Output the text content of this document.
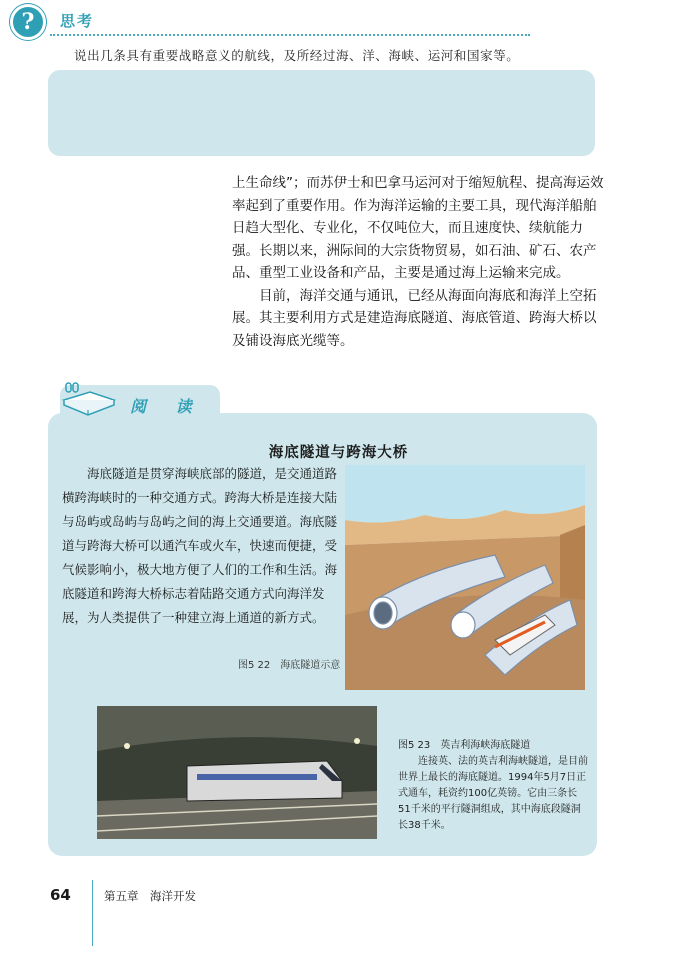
? 思考
说出几条具有重要战略意义的航线，及所经过海、洋、海峡、运河和国家等。

上生命线”；而苏伊士和巴拿马运河对于缩短航程、提高海运效率起到了重要作用。作为海洋运输的主要工具，现代海洋船舶日趋大型化、专业化，不仅吨位大，而且速度快、续航能力强。长期以来，洲际间的大宗货物贸易，如石油、矿石、农产品、重型工业设备和产品，主要是通过海上运输来完成。

目前，海洋交通与通讯，已经从海面向海底和海洋上空拓展。其主要利用方式是建造海底隧道、海底管道、跨海大桥以及铺设海底光缆等。

阅 读
海底隧道与跨海大桥

海底隧道是贯穿海峡底部的隧道，是交通道路横跨海峡时的一种交通方式。跨海大桥是连接大陆与岛屿或岛屿与岛屿之间的海上交通要道。海底隧道与跨海大桥可以通汽车或火车，快速而便捷，受气候影响小，极大地方便了人们的工作和生活。海底隧道和跨海大桥标志着陆路交通方式向海洋发展，为人类提供了一种建立海上通道的新方式。

图5 22　海底隧道示意
图5 23　英吉利海峡海底隧道
连接英、法的英吉利海峡隧道，是目前世界上最长的海底隧道。1994年5月7日正式通车，耗资约100亿英镑。它由三条长51千米的平行隧洞组成，其中海底段隧洞长38千米。
64	第五章　海洋开发
